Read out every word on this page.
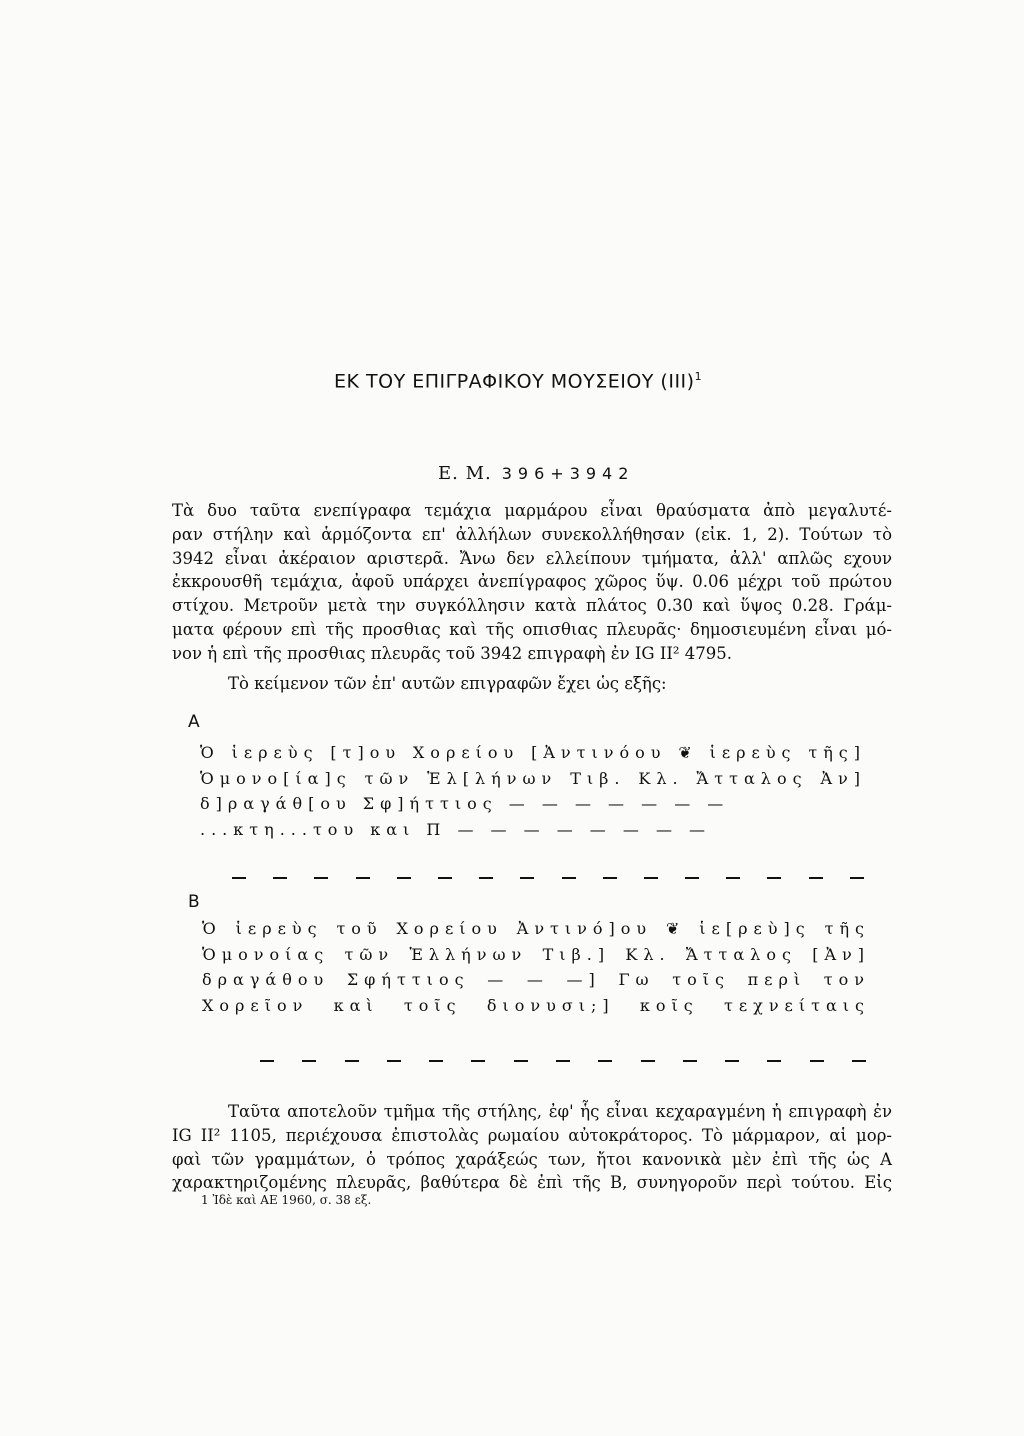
ΕΚ ΤΟΥ ΕΠΙΓΡΑΦΙΚΟΥ ΜΟΥΣΕΙΟΥ (III)$^1$
Ε. Μ. 396+3942
Τὰ δυο ταῦτα ενεπίγραφα τεμάχια μαρμάρου εἶναι θραύσματα ἀπὸ μεγαλυτέ-
ραν στήλην καὶ ἁρμόζοντα επ' ἀλλήλων συνεκολλήθησαν (εἰκ. 1, 2). Τούτων τὸ
3942 εἶναι ἀκέραιον αριστερᾶ. Ἄνω δεν ελλείπουν τμήματα, ἀλλ' απλῶς εχουν
ἐκκρουσθῆ τεμάχια, ἀφοῦ υπάρχει ἀνεπίγραφος χῶρος ὕψ. 0.06 μέχρι τοῦ πρώτου
στίχου. Μετροῦν μετὰ την συγκόλλησιν κατὰ πλάτος 0.30 καὶ ὕψος 0.28. Γράμ-
ματα φέρουν επὶ τῆς προσθιας καὶ τῆς οπισθιας πλευρᾶς· δημοσιευμένη εἶναι μό-
νον ἡ επὶ τῆς προσθιας πλευρᾶς τοῦ 3942 επιγραφὴ ἐν IG II² 4795.
Τὸ κείμενον τῶν ἐπ' αυτῶν επιγραφῶν ἔχει ὡς εξῆς:
Α
Ὁ ἱερεὺς [τ]ου Χορείου [Ἀντινόου ❦ ἱερεὺς τῆς]
Ὁμονο[ία]ς τῶν Ἑλ[λήνων Τιβ. Κλ. Ἄτταλος Ἀν]
δ]ραγάθ[ου Σφ]ήττιος — — — — — — —
...κτη...του και Π — — — — — — — —
Β
Ὁ ἱερεὺς τοῦ Χορείου Ἀντινό]ου ❦ ἱε[ρεὺ]ς τῆς
Ὁμονοίας τῶν Ἑλλήνων Τιβ.] Κλ. Ἄτταλος [Ἀν]
δραγάθου Σφήττιος — — —] Γω τοῖς περὶ τον
Χορεῖον καὶ τοῖς διονυσι;] κοῖς τεχνείταις
Ταῦτα αποτελοῦν τμῆμα τῆς στήλης, ἐφ' ἧς εἶναι κεχαραγμένη ἡ επιγραφὴ ἐν
IG II² 1105, περιέχουσα ἐπιστολὰς ρωμαίου αὐτοκράτορος. Τὸ μάρμαρον, αἱ μορ-
φαὶ τῶν γραμμάτων, ὁ τρόπος χαράξεώς των, ἤτοι κανονικὰ μὲν ἐπὶ τῆς ὡς Α
χαρακτηριζομένης πλευρᾶς, βαθύτερα δὲ ἐπὶ τῆς Β, συνηγοροῦν περὶ τούτου. Εἰς
1 Ἰδὲ καὶ ΑΕ 1960, σ. 38 εξ.
